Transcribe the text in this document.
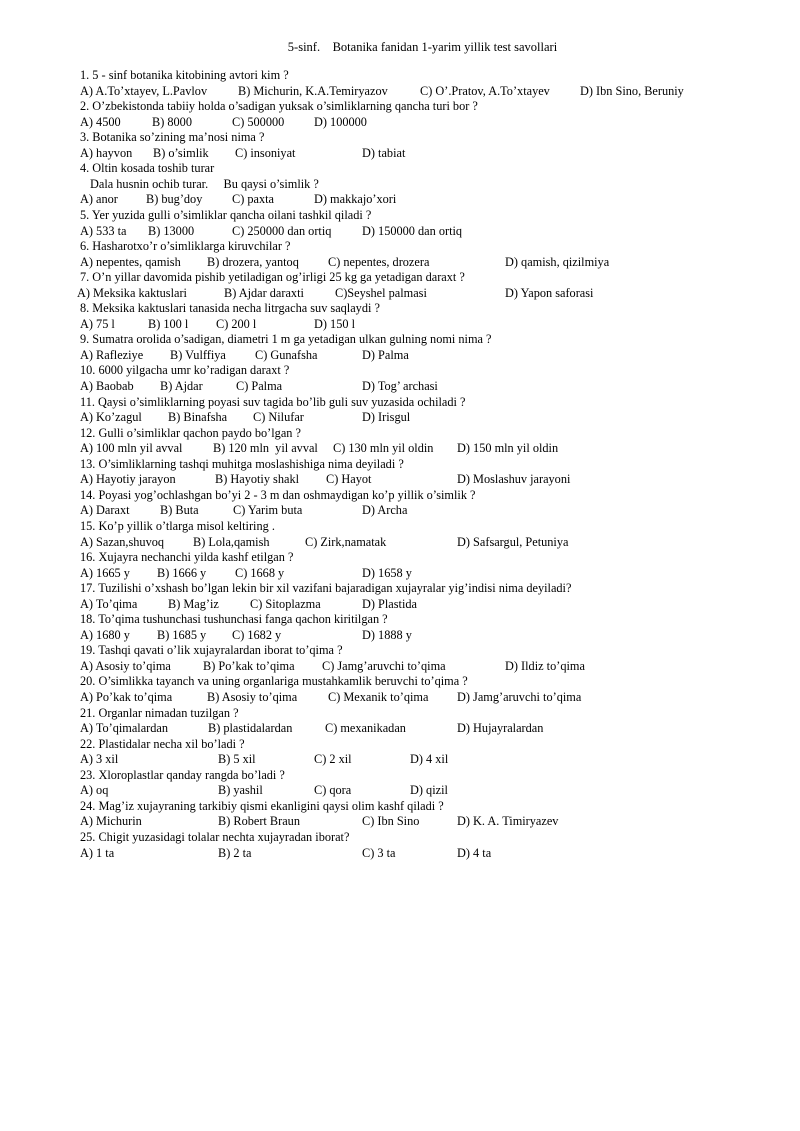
5-sinf.    Botanika fanidan 1-yarim yillik test savollari
1. 5 - sinf botanika kitobining avtori kim ?
A) A.To’xtayev, L.Pavlov	B) Michurin, K.A.Temiryazov	C) O’.Pratov, A.To’xtayev D) Ibn Sino, Beruniy
2. O’zbekistonda tabiiy holda o’sadigan yuksak o’simliklarning qancha turi bor ?
A) 4500	B) 8000	C) 500000 D) 100000
3. Botanika so’zining ma’nosi nima ?
A) hayvon B) o’simlik C) insoniyat	D) tabiat
4. Oltin kosada toshib turar
Dala husnin ochib turar.     Bu qaysi o’simlik ?
A) anor B) bug’doy C) paxta	D) makkajo’xori
5. Yer yuzida gulli o’simliklar qancha oilani tashkil qiladi ?
A) 533 ta B) 13000	C) 250000 dan ortiq D) 150000 dan ortiq
6. Hasharotxo’r o’simliklarga kiruvchilar ?
A) nepentes, qamish B) drozera, yantoq C) nepentes, drozera	D) qamish, qizilmiya
7. O’n yillar davomida pishib yetiladigan og’irligi 25 kg ga yetadigan daraxt ?
A) Meksika kaktuslari	B) Ajdar daraxti	C)Seyshel palmasi	D) Yapon saforasi
8. Meksika kaktuslari tanasida necha litrgacha suv saqlaydi ?
A) 75 l	B) 100 l C) 200 l	D) 150 l
9. Sumatra orolida o’sadigan, diametri 1 m ga yetadigan ulkan gulning nomi nima ?
A) Rafleziye B) Vulffiya C) Gunafsha	D) Palma
10. 6000 yilgacha umr ko’radigan daraxt ?
A) Baobab B) Ajdar	C) Palma	D) Tog’ archasi
11. Qaysi o’simliklarning poyasi suv tagida bo’lib guli suv yuzasida ochiladi ?
A) Ko’zagul B) Binafsha C) Nilufar	D) Irisgul
12. Gulli o’simliklar qachon paydo bo’lgan ?
A) 100 mln yil avval B) 120 mln  yil avval C) 130 mln yil oldin D) 150 mln yil oldin
13. O’simliklarning tashqi muhitga moslashishiga nima deyiladi ?
A) Hayotiy jarayon	B) Hayotiy shakl C) Hayot	D) Moslashuv jarayoni
14. Poyasi yog’ochlashgan bo’yi 2 - 3 m dan oshmaydigan ko’p yillik o’simlik ?
A) Daraxt B) Buta	C) Yarim buta	D) Archa
15. Ko’p yillik o’tlarga misol keltiring .
A) Sazan,shuvoq B) Lola,qamish	C) Zirk,namatak	D) Safsargul, Petuniya
16. Xujayra nechanchi yilda kashf etilgan ?
A) 1665 y B) 1666 y C) 1668 y	D) 1658 y
17. Tuzilishi o’xshash bo’lgan lekin bir xil vazifani bajaradigan xujayralar yig’indisi nima deyiladi?
A) To’qima B) Mag’iz	C) Sitoplazma	D) Plastida
18. To’qima tushunchasi tushunchasi fanga qachon kiritilgan ?
A) 1680 y B) 1685 y C) 1682 y	D) 1888 y
19. Tashqi qavati o’lik xujayralardan iborat to’qima ?
A) Asosiy to’qima	B) Po’kak to’qima C) Jamg’aruvchi to’qima	D) Ildiz to’qima
20. O’simlikka tayanch va uning organlariga mustahkamlik beruvchi to’qima ?
A) Po’kak to’qima	B) Asosiy to’qima	C) Mexanik to’qima D) Jamg’aruvchi to’qima
21. Organlar nimadan tuzilgan ?
A) To’qimalardan	B) plastidalardan	C) mexanikadan	D) Hujayralardan
22. Plastidalar necha xil bo’ladi ?
A) 3 xil	B) 5 xil	C) 2 xil	D) 4 xil
23. Xloroplastlar qanday rangda bo’ladi ?
A) oq	B) yashil	C) qora	D) qizil
24. Mag’iz xujayraning tarkibiy qismi ekanligini qaysi olim kashf qiladi ?
A) Michurin	B) Robert Braun	C) Ibn Sino	D) K. A. Timiryazev
25. Chigit yuzasidagi tolalar nechta xujayradan iborat?
A) 1 ta	B) 2 ta	C) 3 ta	D) 4 ta
